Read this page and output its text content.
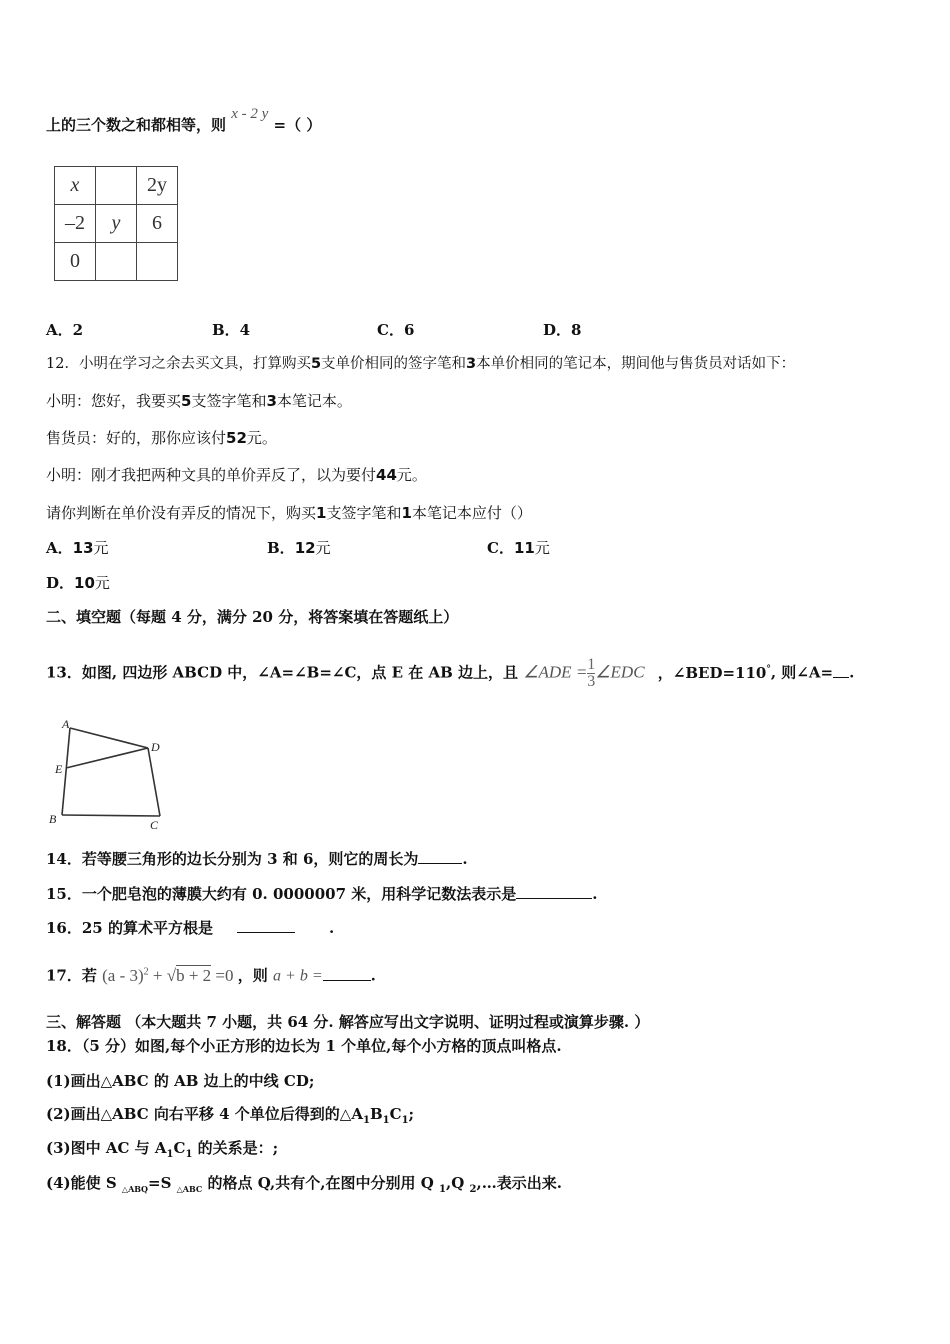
上的三个数之和都相等，则 x - 2 y =（ ）
x		2y
–2	y	6
0		
A．2	B．4	C．6	D．8
12．小明在学习之余去买文具，打算购买5支单价相同的签字笔和3本单价相同的笔记本，期间他与售货员对话如下：
小明：您好，我要买5支签字笔和3本笔记本。
售货员：好的，那你应该付52元。
小明：刚才我把两种文具的单价弄反了，以为要付44元。
请你判断在单价没有弄反的情况下，购买1支签字笔和1本笔记本应付（）
A．13元	B．12元	C．11元
D．10元
二、填空题（每题 4 分，满分 20 分，将答案填在答题纸上）
13．如图, 四边形 ABCD 中，∠A=∠B=∠C，点 E 在 AB 边上，且 ∠ADE = $\frac{1}{3}$ ∠EDC ，∠BED=110°, 则∠A= .
A
D
E
B	C
14．若等腰三角形的边长分别为 3 和 6，则它的周长为	.
15．一个肥皂泡的薄膜大约有 0. 0000007 米，用科学记数法表示是	.
16．25 的算术平方根是	.
17．若 (a - 3)$^2$ + √b + 2 =0 ，则 a + b =	.
三、解答题 （本大题共 7 小题，共 64 分. 解答应写出文字说明、证明过程或演算步骤. ）
18．（5 分）如图,每个小正方形的边长为 1 个单位,每个小方格的顶点叫格点.
(1)画出△ABC 的 AB 边上的中线 CD;
(2)画出△ABC 向右平移 4 个单位后得到的$\triangle A_1B_1C_1$;
(3)图中 AC 与 $A_1C_1$ 的关系是：;
(4)能使 S $_{\triangle ABQ}$=S $_{\triangle ABC}$ 的格点 Q,共有个,在图中分别用 Q $_1$,Q $_2$,…表示出来.
